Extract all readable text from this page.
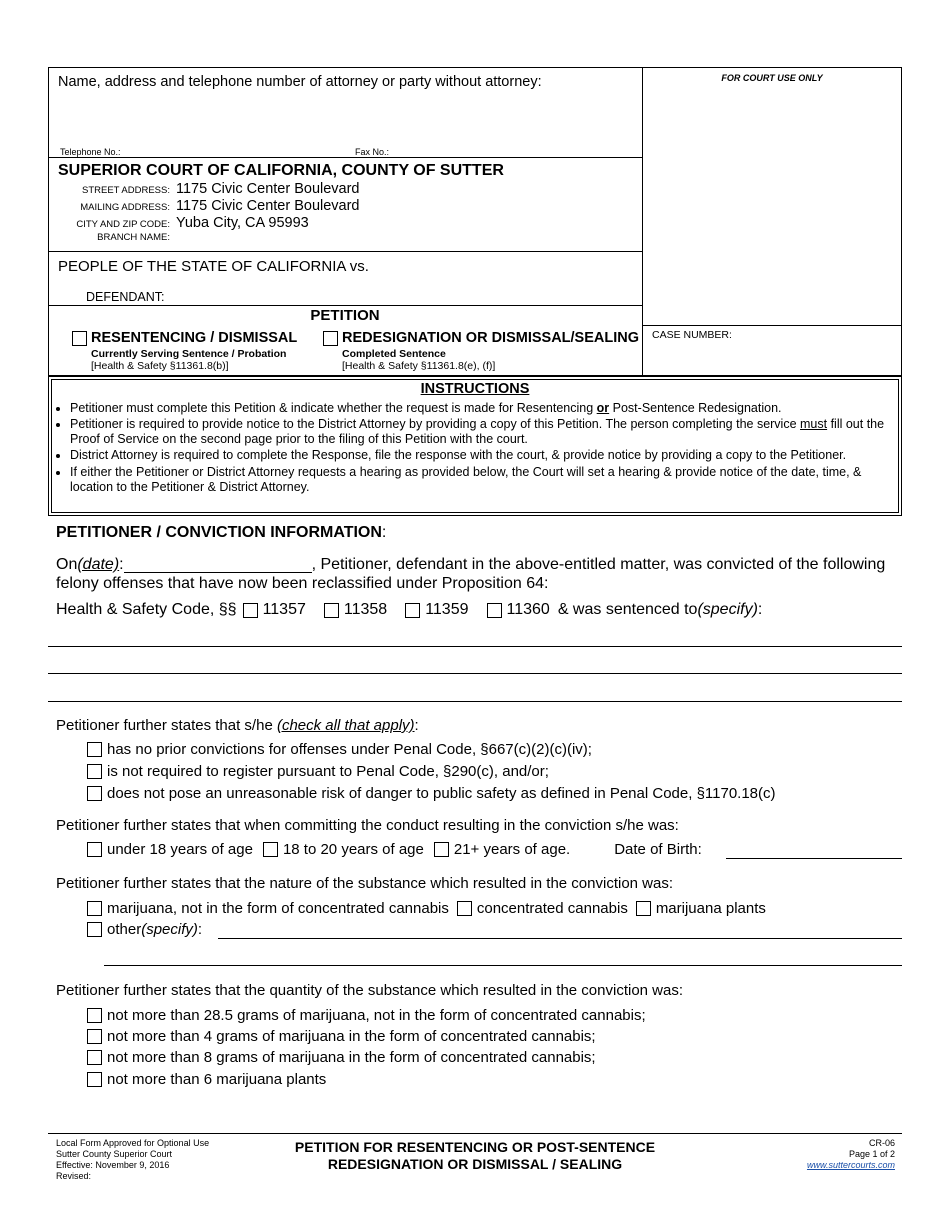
Name, address and telephone number of attorney or party without attorney:
Telephone No.:	Fax No.:
FOR COURT USE ONLY
SUPERIOR COURT OF CALIFORNIA, COUNTY OF SUTTER
STREET ADDRESS: 1175 Civic Center Boulevard
MAILING ADDRESS: 1175 Civic Center Boulevard
CITY AND ZIP CODE: Yuba City, CA 95993
BRANCH NAME:
PEOPLE OF THE STATE OF CALIFORNIA vs.
DEFENDANT:
PETITION
RESENTENCING / DISMISSAL
Currently Serving Sentence / Probation
[Health & Safety §11361.8(b)]
REDESIGNATION OR DISMISSAL/SEALING
Completed Sentence
[Health & Safety §11361.8(e), (f)]
CASE NUMBER:
INSTRUCTIONS
• Petitioner must complete this Petition & indicate whether the request is made for Resentencing or Post-Sentence Redesignation.
• Petitioner is required to provide notice to the District Attorney by providing a copy of this Petition. The person completing the service must fill out the Proof of Service on the second page prior to the filing of this Petition with the court.
• District Attorney is required to complete the Response, file the response with the court, & provide notice by providing a copy to the Petitioner.
• If either the Petitioner or District Attorney requests a hearing as provided below, the Court will set a hearing & provide notice of the date, time, & location to the Petitioner & District Attorney.
PETITIONER / CONVICTION INFORMATION:
On (date) :	, Petitioner, defendant in the above-entitled matter, was convicted of the following
felony offenses that have now been reclassified under Proposition 64:
Health & Safety Code, §§ 11357 11358 11359 11360 & was sentenced to (specify) :
Petitioner further states that s/he (check all that apply):
has no prior convictions for offenses under Penal Code, §667(c)(2)(c)(iv);
is not required to register pursuant to Penal Code, §290(c), and/or;
does not pose an unreasonable risk of danger to public safety as defined in Penal Code, §1170.18(c)
Petitioner further states that when committing the conduct resulting in the conviction s/he was:
under 18 years of age 18 to 20 years of age 21+ years of age.	Date of Birth:
Petitioner further states that the nature of the substance which resulted in the conviction was:
marijuana, not in the form of concentrated cannabis concentrated cannabis marijuana plants
other (specify) :
Petitioner further states that the quantity of the substance which resulted in the conviction was:
not more than 28.5 grams of marijuana, not in the form of concentrated cannabis;
not more than 4 grams of marijuana in the form of concentrated cannabis;
not more than 8 grams of marijuana in the form of concentrated cannabis;
not more than 6 marijuana plants
Local Form Approved for Optional Use
Sutter County Superior Court
Effective: November 9, 2016
Revised:
PETITION FOR RESENTENCING OR POST-SENTENCE
REDESIGNATION OR DISMISSAL / SEALING
CR-06
Page 1 of 2
www.suttercourts.com
